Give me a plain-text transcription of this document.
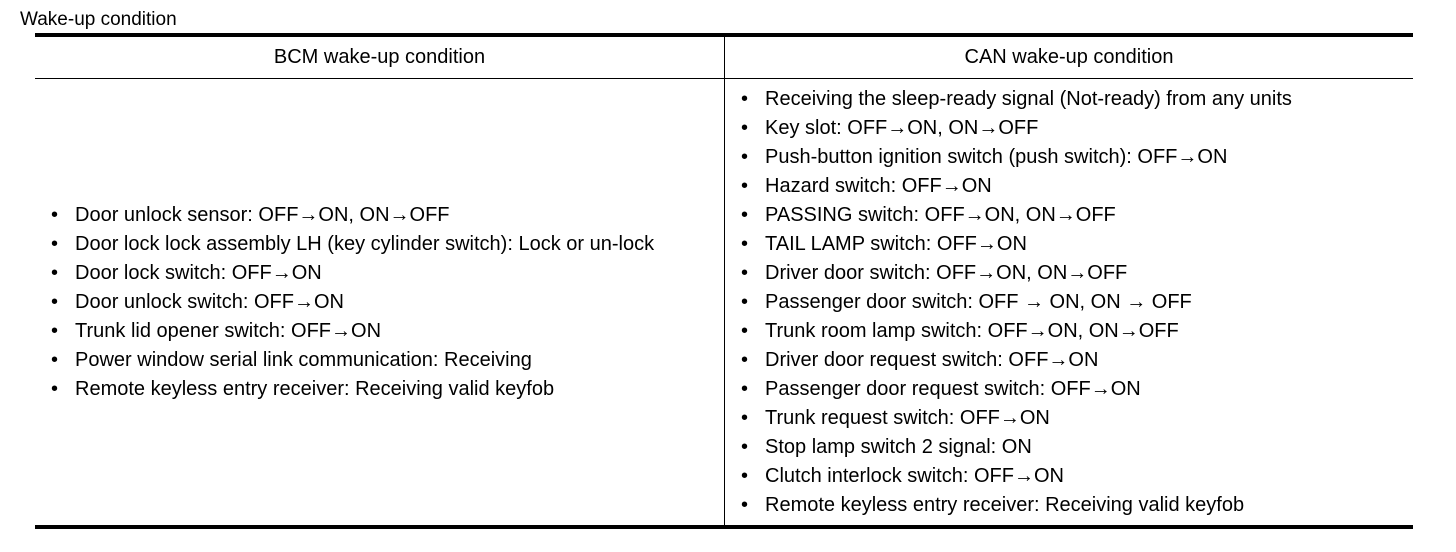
Wake-up condition
BCM wake-up condition	CAN wake-up condition
• Door unlock sensor: OFF→ON, ON→OFF
• Door lock lock assembly LH (key cylinder switch): Lock or un-lock
• Door lock switch: OFF→ON
• Door unlock switch: OFF→ON
• Trunk lid opener switch: OFF→ON
• Power window serial link communication: Receiving
• Remote keyless entry receiver: Receiving valid keyfob
• Receiving the sleep-ready signal (Not-ready) from any units
• Key slot: OFF→ON, ON→OFF
• Push-button ignition switch (push switch): OFF→ON
• Hazard switch: OFF→ON
• PASSING switch: OFF→ON, ON→OFF
• TAIL LAMP switch: OFF→ON
• Driver door switch: OFF→ON, ON→OFF
• Passenger door switch: OFF → ON, ON → OFF
• Trunk room lamp switch: OFF→ON, ON→OFF
• Driver door request switch: OFF→ON
• Passenger door request switch: OFF→ON
• Trunk request switch: OFF→ON
• Stop lamp switch 2 signal: ON
• Clutch interlock switch: OFF→ON
• Remote keyless entry receiver: Receiving valid keyfob
